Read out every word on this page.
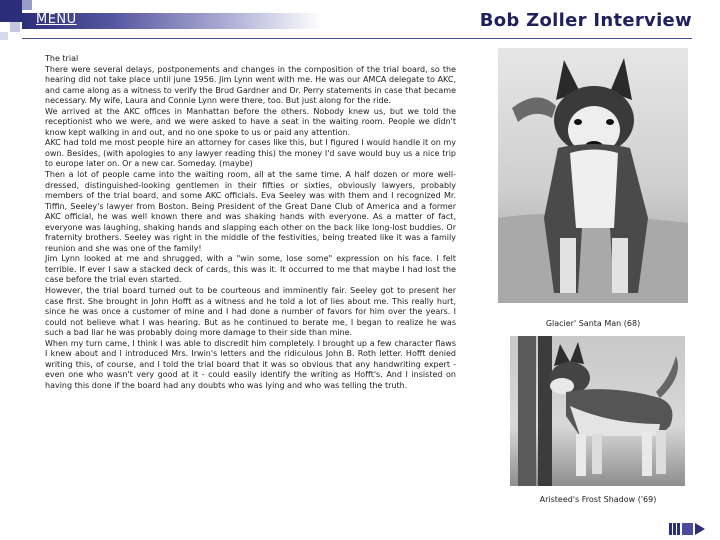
MENU	Bob Zoller Interview

The trial

There were several delays, postponements and changes in the composition of the trial board, so the hearing did not take place until june 1956. Jim Lynn went with me. He was our AMCA delegate to AKC, and came along as a witness to verify the Brud Gardner and Dr. Perry statements in case that became necessary. My wife, Laura and Connie Lynn were there, too. But just along for the ride.

We arrived at the AKC offices in Manhattan before the others. Nobody knew us, but we told the receptionist who we were, and we were asked to have a seat in the waiting room. People we didn't know kept walking in and out, and no one spoke to us or paid any attention.

AKC had told me most people hire an attorney for cases like this, but I figured I would handle it on my own. Besides, (with apologies to any lawyer reading this) the money I'd save would buy us a nice trip to europe later on. Or a new car. Someday. (maybe)

Then a lot of people came into the waiting room, all at the same time. A half dozen or more well-dressed, distinguished-looking gentlemen in their fifties or sixties, obviously lawyers, probably members of the trial board, and some AKC officials. Eva Seeley was with them and I recognized Mr. Tiffin, Seeley's lawyer from Boston. Being President of the Great Dane Club of America and a former AKC official, he was well known there and was shaking hands with everyone. As a matter of fact, everyone was laughing, shaking hands and slapping each other on the back like long-lost buddies. Or fraternity brothers. Seeley was right in the middle of the festivities, being treated like it was a family reunion and she was one of the family!

Jim Lynn looked at me and shrugged, with a "win some, lose some" expression on his face. I felt terrible. If ever I saw a stacked deck of cards, this was it. It occurred to me that maybe I had lost the case before the trial even started.

However, the trial board turned out to be courteous and imminently fair. Seeley got to present her case first. She brought in John Hofft as a witness and he told a lot of lies about me. This really hurt, since he was once a customer of mine and I had done a number of favors for him over the years. I could not believe what I was hearing. But as he continued to berate me, I began to realize he was such a bad liar he was probably doing more damage to their side than mine.

When my turn came, I think I was able to discredit him completely. I brought up a few character flaws I knew about and I introduced Mrs. Irwin's letters and the ridiculous John B. Roth letter. Hofft denied writing this, of course, and I told the trial board that it was so obvious that any handwriting expert - even one who wasn't very good at it - could easily identify the writing as Hofft's. And I insisted on having this done if the board had any doubts who was lying and who was telling the truth.

Glacier' Santa Man (68)
Aristeed's Frost Shadow ('69)
